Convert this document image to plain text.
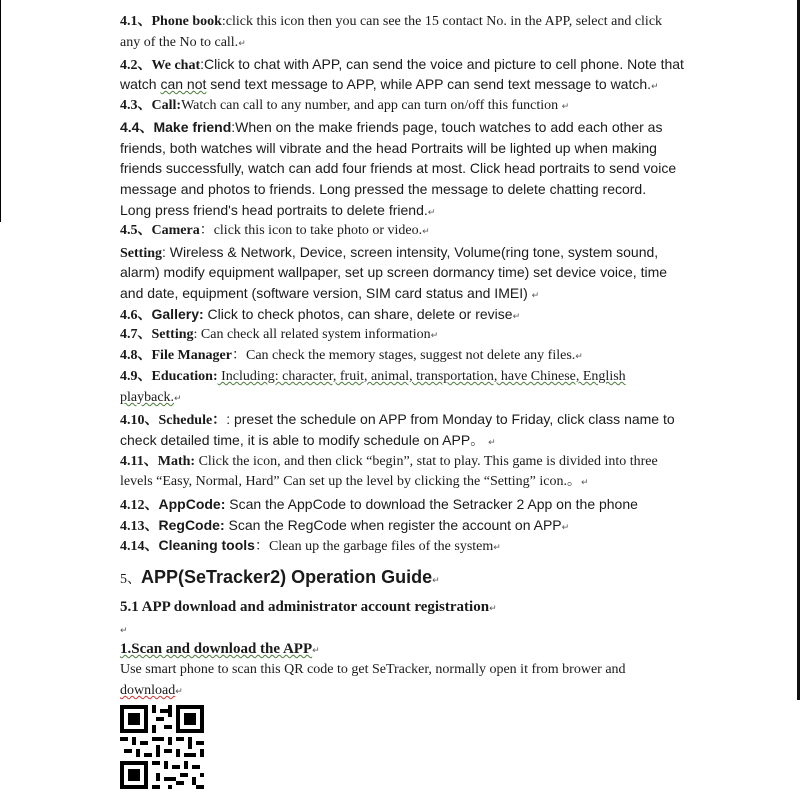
4.1、Phone book:click this icon then you can see the 15 contact No. in the APP, select and click
any of the No to call.↵
4.2、We chat:Click to chat with APP, can send the voice and picture to cell phone. Note that
watch can not send text message to APP, while APP can send text message to watch.↵
4.3、Call:Watch can call to any number, and app can turn on/off this function ↵
4.4、Make friend:When on the make friends page, touch watches to add each other as
friends, both watches will vibrate and the head Portraits will be lighted up when making
friends successfully, watch can add four friends at most. Click head portraits to send voice
message and photos to friends. Long pressed the message to delete chatting record.
Long press friend's head portraits to delete friend.↵
4.5、Camera：click this icon to take photo or video.↵
Setting: Wireless & Network, Device, screen intensity, Volume(ring tone, system sound,
alarm) modify equipment wallpaper, set up screen dormancy time) set device voice, time
and date, equipment (software version, SIM card status and IMEI) ↵
4.6、Gallery: Click to check photos, can share, delete or revise↵
4.7、Setting: Can check all related system information↵
4.8、File Manager：Can check the memory stages, suggest not delete any files.↵
4.9、Education: Including: character, fruit, animal, transportation, have Chinese, English
playback.↵
4.10、Schedule：: preset the schedule on APP from Monday to Friday, click class name to
check detailed time, it is able to modify schedule on APP。 ↵
4.11、Math: Click the icon, and then click “begin”, stat to play. This game is divided into three
levels “Easy, Normal, Hard” Can set up the level by clicking the “Setting” icon.。↵
4.12、AppCode: Scan the AppCode to download the Setracker 2 App on the phone
4.13、RegCode: Scan the RegCode when register the account on APP↵
4.14、Cleaning tools：Clean up the garbage files of the system↵
5、APP(SeTracker2) Operation Guide↵
5.1 APP download and administrator account registration↵
↵
1.Scan and download the APP↵
Use smart phone to scan this QR code to get SeTracker, normally open it from brower and
download↵
